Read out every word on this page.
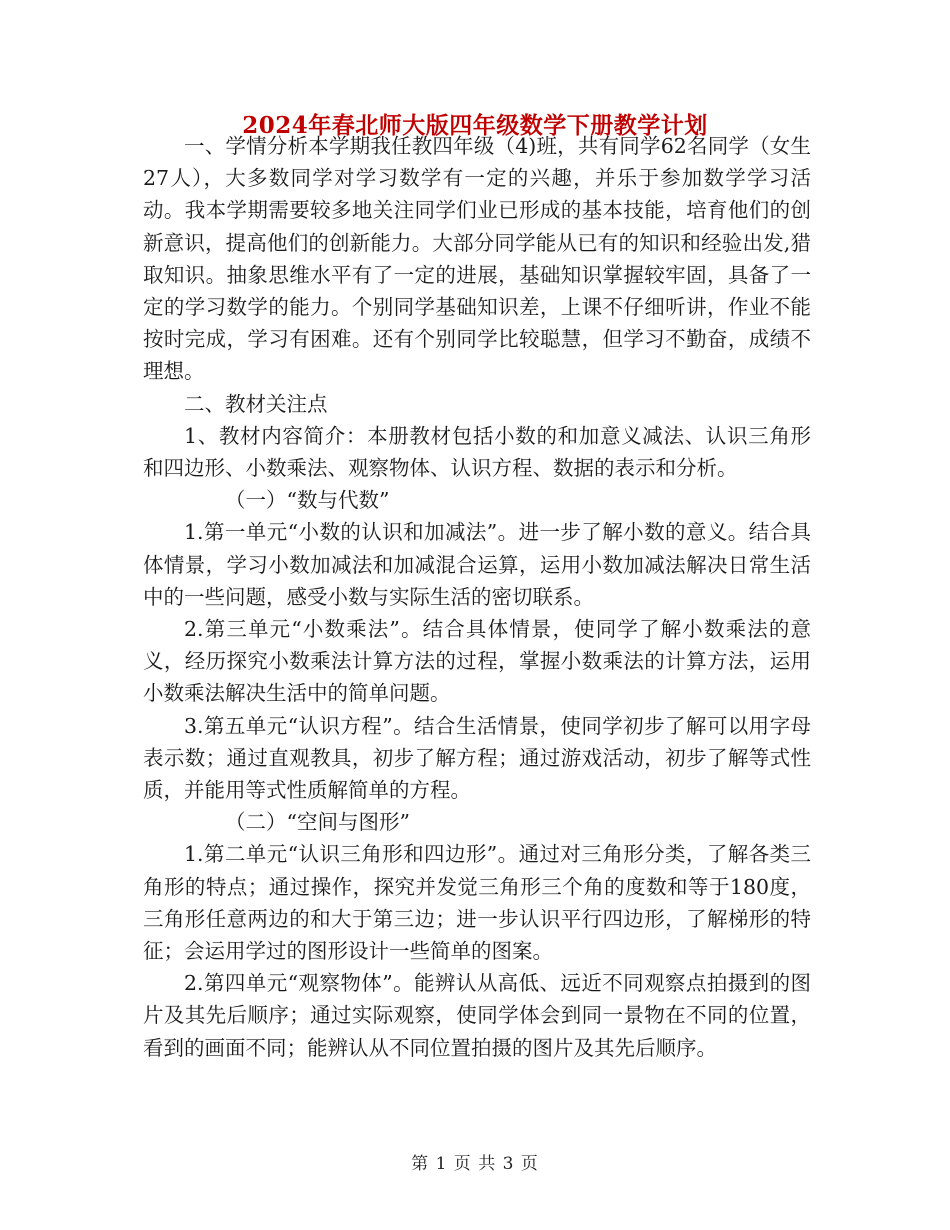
2024年春北师大版四年级数学下册教学计划

一、学情分析本学期我任教四年级（4)班，共有同学62名同学（女生27人），大多数同学对学习数学有一定的兴趣，并乐于参加数学学习活动。我本学期需要较多地关注同学们业已形成的基本技能，培育他们的创新意识，提高他们的创新能力。大部分同学能从已有的知识和经验出发,猎取知识。抽象思维水平有了一定的进展，基础知识掌握较牢固，具备了一定的学习数学的能力。个别同学基础知识差，上课不仔细听讲，作业不能按时完成，学习有困难。还有个别同学比较聪慧，但学习不勤奋，成绩不理想。

二、教材关注点

1、教材内容简介：本册教材包括小数的和加意义减法、认识三角形和四边形、小数乘法、观察物体、认识方程、数据的表示和分析。

（一）“数与代数”

1.第一单元“小数的认识和加减法”。进一步了解小数的意义。结合具体情景，学习小数加减法和加减混合运算，运用小数加减法解决日常生活中的一些问题，感受小数与实际生活的密切联系。

2.第三单元“小数乘法”。结合具体情景，使同学了解小数乘法的意义，经历探究小数乘法计算方法的过程，掌握小数乘法的计算方法，运用小数乘法解决生活中的简单问题。

3.第五单元“认识方程”。结合生活情景，使同学初步了解可以用字母表示数；通过直观教具，初步了解方程；通过游戏活动，初步了解等式性质，并能用等式性质解简单的方程。

（二）“空间与图形”

1.第二单元“认识三角形和四边形”。通过对三角形分类，了解各类三角形的特点；通过操作，探究并发觉三角形三个角的度数和等于180度，三角形任意两边的和大于第三边；进一步认识平行四边形，了解梯形的特征；会运用学过的图形设计一些简单的图案。

2.第四单元“观察物体”。能辨认从高低、远近不同观察点拍摄到的图片及其先后顺序；通过实际观察，使同学体会到同一景物在不同的位置，看到的画面不同；能辨认从不同位置拍摄的图片及其先后顺序。

第 1 页 共 3 页
